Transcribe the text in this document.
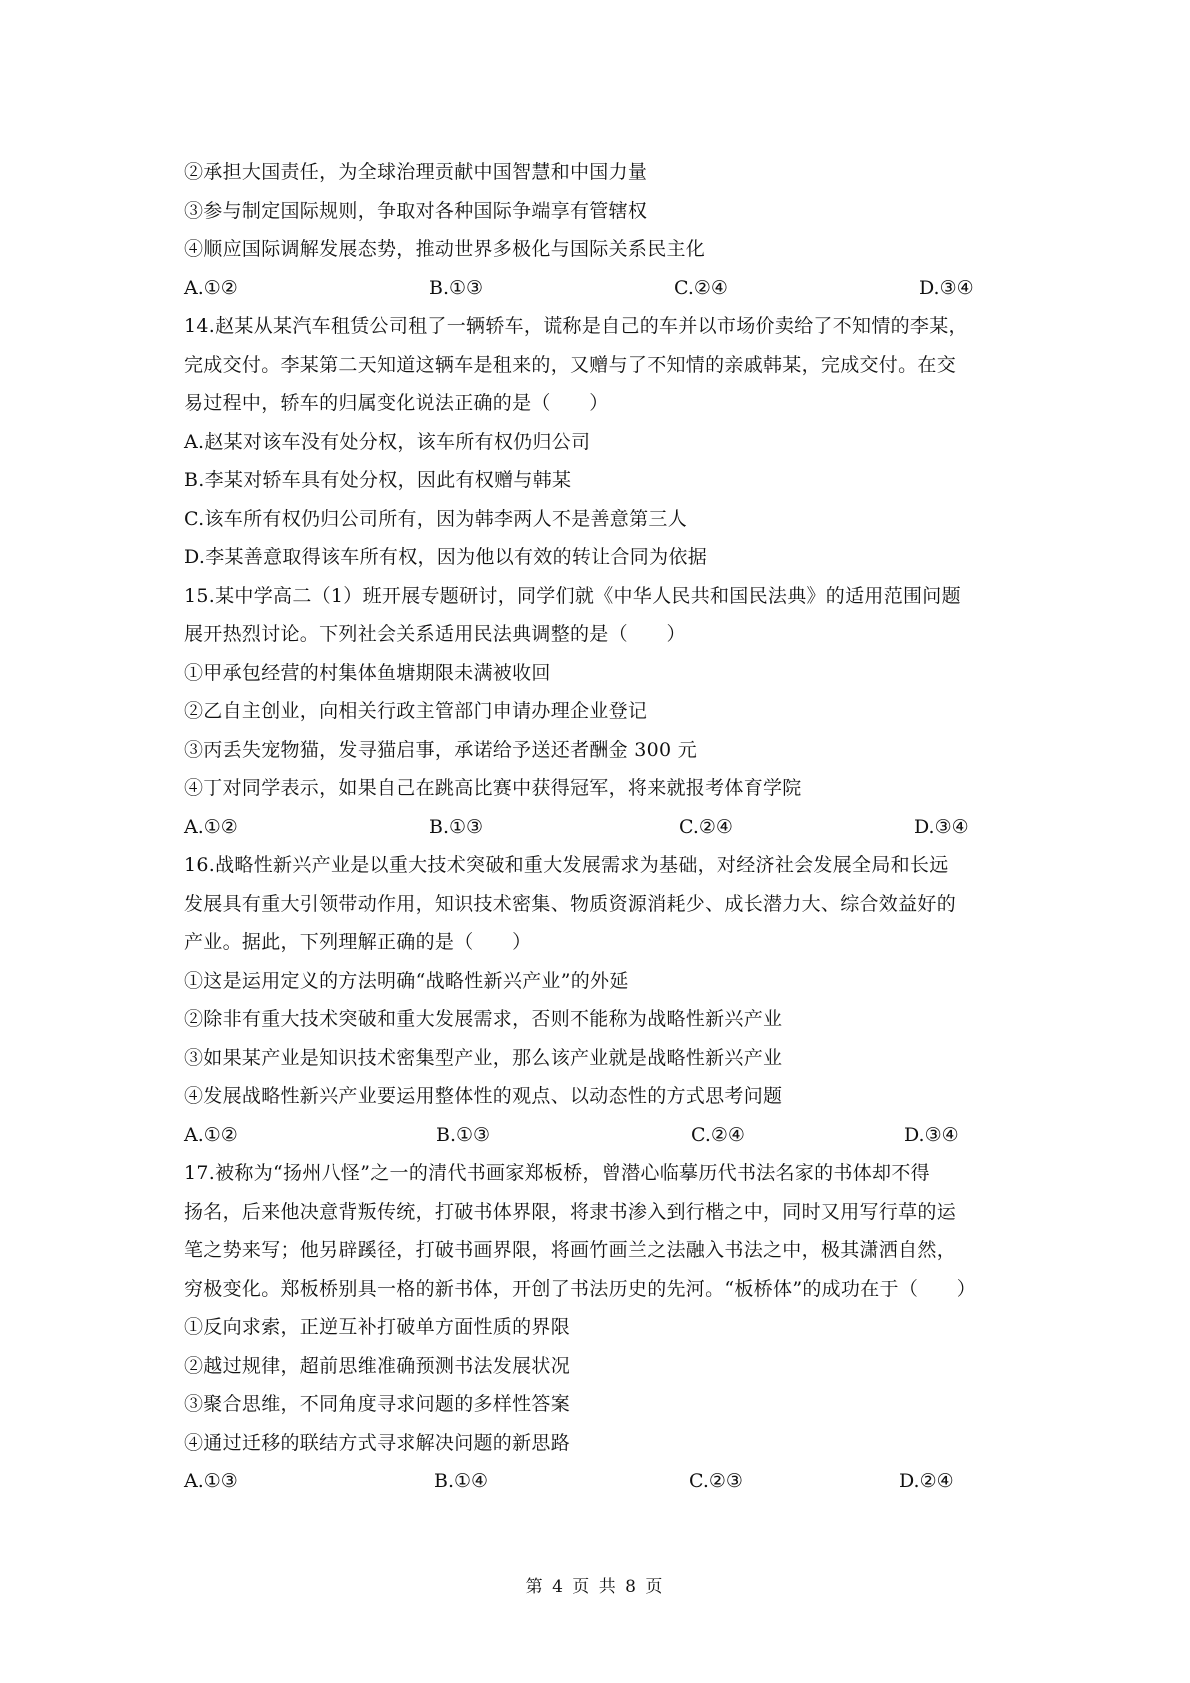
②承担大国责任，为全球治理贡献中国智慧和中国力量
③参与制定国际规则，争取对各种国际争端享有管辖权
④顺应国际调解发展态势，推动世界多极化与国际关系民主化
A.①②	B.①③	C.②④	D.③④
14.赵某从某汽车租赁公司租了一辆轿车，谎称是自己的车并以市场价卖给了不知情的李某，
完成交付。李某第二天知道这辆车是租来的，又赠与了不知情的亲戚韩某，完成交付。在交
易过程中，轿车的归属变化说法正确的是（　　）
A.赵某对该车没有处分权，该车所有权仍归公司
B.李某对轿车具有处分权，因此有权赠与韩某
C.该车所有权仍归公司所有，因为韩李两人不是善意第三人
D.李某善意取得该车所有权，因为他以有效的转让合同为依据
15.某中学高二（1）班开展专题研讨，同学们就《中华人民共和国民法典》的适用范围问题
展开热烈讨论。下列社会关系适用民法典调整的是（　　）
①甲承包经营的村集体鱼塘期限未满被收回
②乙自主创业，向相关行政主管部门申请办理企业登记
③丙丢失宠物猫，发寻猫启事，承诺给予送还者酬金 300 元
④丁对同学表示，如果自己在跳高比赛中获得冠军，将来就报考体育学院
A.①②	B.①③	C.②④	D.③④
16.战略性新兴产业是以重大技术突破和重大发展需求为基础，对经济社会发展全局和长远
发展具有重大引领带动作用，知识技术密集、物质资源消耗少、成长潜力大、综合效益好的
产业。据此，下列理解正确的是（　　）
①这是运用定义的方法明确“战略性新兴产业”的外延
②除非有重大技术突破和重大发展需求，否则不能称为战略性新兴产业
③如果某产业是知识技术密集型产业，那么该产业就是战略性新兴产业
④发展战略性新兴产业要运用整体性的观点、以动态性的方式思考问题
A.①②	B.①③	C.②④	D.③④
17.被称为“扬州八怪”之一的清代书画家郑板桥，曾潜心临摹历代书法名家的书体却不得
扬名，后来他决意背叛传统，打破书体界限，将隶书渗入到行楷之中，同时又用写行草的运
笔之势来写；他另辟蹊径，打破书画界限，将画竹画兰之法融入书法之中，极其潇洒自然，
穷极变化。郑板桥别具一格的新书体，开创了书法历史的先河。“板桥体”的成功在于（　　）
①反向求索，正逆互补打破单方面性质的界限
②越过规律，超前思维准确预测书法发展状况
③聚合思维，不同角度寻求问题的多样性答案
④通过迁移的联结方式寻求解决问题的新思路
A.①③	B.①④	C.②③	D.②④
第 4 页 共 8 页
